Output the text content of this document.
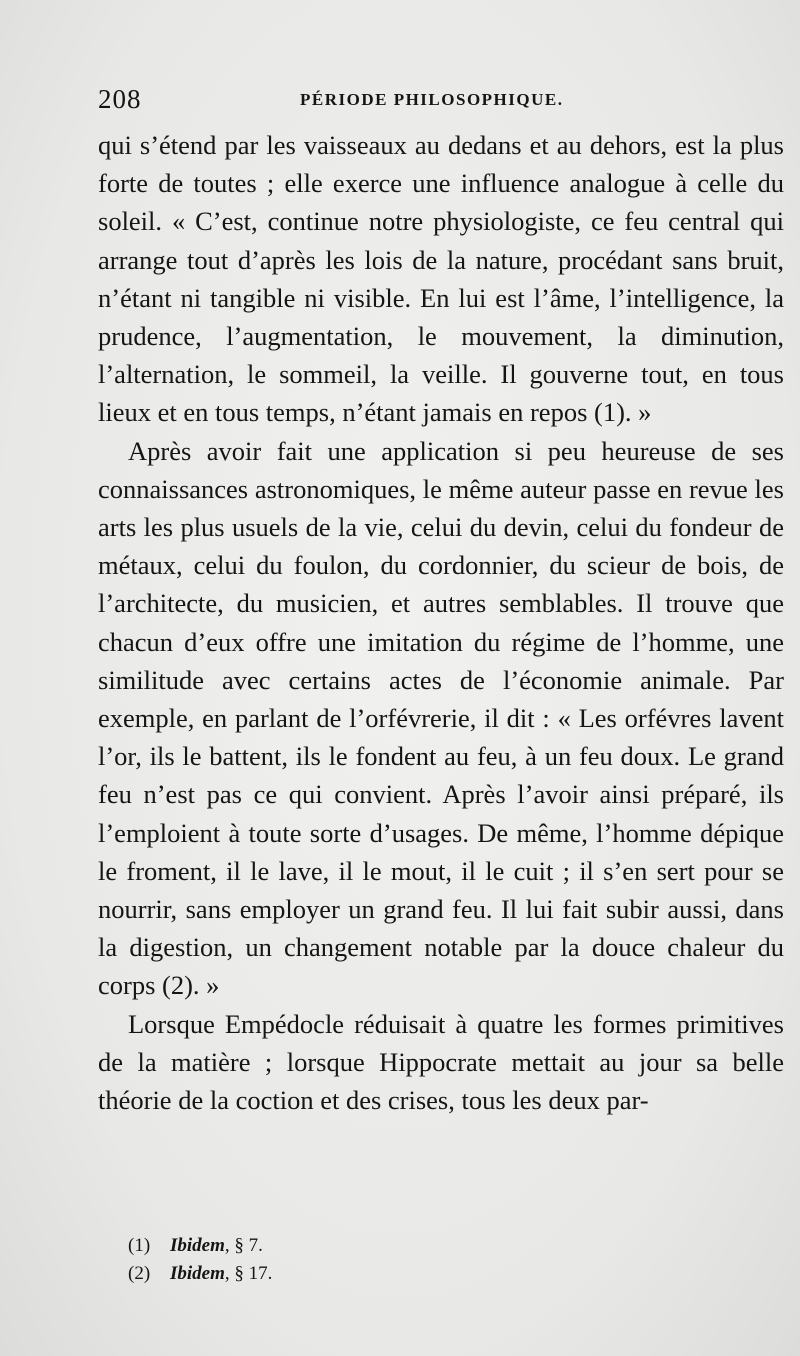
208	PÉRIODE PHILOSOPHIQUE.

qui s’étend par les vaisseaux au dedans et au dehors, est la plus forte de toutes ; elle exerce une influence analogue à celle du soleil. « C’est, continue notre physiologiste, ce feu central qui arrange tout d’après les lois de la nature, procédant sans bruit, n’étant ni tangible ni visible. En lui est l’âme, l’intelligence, la prudence, l’augmentation, le mouvement, la diminution, l’alternation, le sommeil, la veille. Il gouverne tout, en tous lieux et en tous temps, n’étant jamais en repos (1). »

Après avoir fait une application si peu heureuse de ses connaissances astronomiques, le même auteur passe en revue les arts les plus usuels de la vie, celui du devin, celui du fondeur de métaux, celui du foulon, du cordonnier, du scieur de bois, de l’architecte, du musicien, et autres semblables. Il trouve que chacun d’eux offre une imitation du régime de l’homme, une similitude avec certains actes de l’économie animale. Par exemple, en parlant de l’orfévrerie, il dit : « Les orfévres lavent l’or, ils le battent, ils le fondent au feu, à un feu doux. Le grand feu n’est pas ce qui convient. Après l’avoir ainsi préparé, ils l’emploient à toute sorte d’usages. De même, l’homme dépique le froment, il le lave, il le mout, il le cuit ; il s’en sert pour se nourrir, sans employer un grand feu. Il lui fait subir aussi, dans la digestion, un changement notable par la douce chaleur du corps (2). »

Lorsque Empédocle réduisait à quatre les formes primitives de la matière ; lorsque Hippocrate mettait au jour sa belle théorie de la coction et des crises, tous les deux par-

(1) Ibidem, § 7.
(2) Ibidem, § 17.
